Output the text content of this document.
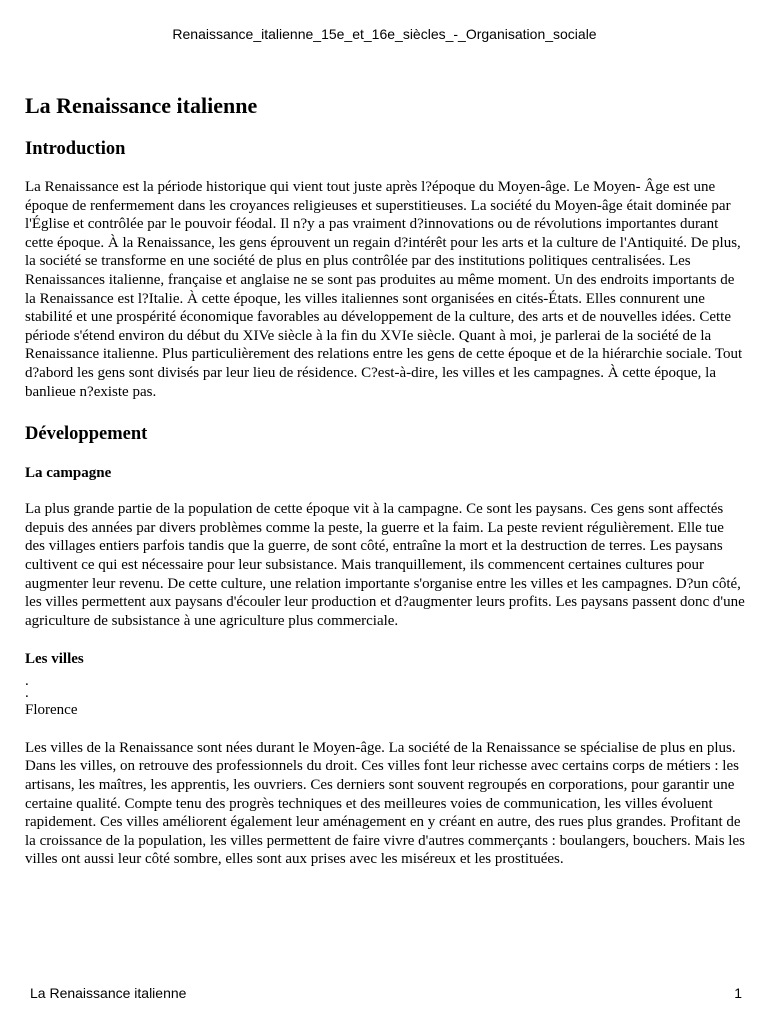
Renaissance_italienne_15e_et_16e_siècles_-_Organisation_sociale
La Renaissance italienne
Introduction

La Renaissance est la période historique qui vient tout juste après l?époque du Moyen-âge. Le Moyen- Âge est une époque de renfermement dans les croyances religieuses et superstitieuses. La société du Moyen-âge était dominée par l'Église et contrôlée par le pouvoir féodal. Il n?y a pas vraiment d?innovations ou de révolutions importantes durant cette époque. À la Renaissance, les gens éprouvent un regain d?intérêt pour les arts et la culture de l'Antiquité. De plus, la société se transforme en une société de plus en plus contrôlée par des institutions politiques centralisées. Les Renaissances italienne, française et anglaise ne se sont pas produites au même moment. Un des endroits importants de la Renaissance est l?Italie. À cette époque, les villes italiennes sont organisées en cités-États. Elles connurent une stabilité et une prospérité économique favorables au développement de la culture, des arts et de nouvelles idées. Cette période s'étend environ du début du XIVe siècle à la fin du XVIe siècle. Quant à moi, je parlerai de la société de la Renaissance italienne. Plus particulièrement des relations entre les gens de cette époque et de la hiérarchie sociale. Tout d?abord les gens sont divisés par leur lieu de résidence. C?est-à-dire, les villes et les campagnes. À cette époque, la banlieue n?existe pas.

Développement
La campagne

La plus grande partie de la population de cette époque vit à la campagne. Ce sont les paysans. Ces gens sont affectés depuis des années par divers problèmes comme la peste, la guerre et la faim. La peste revient régulièrement. Elle tue des villages entiers parfois tandis que la guerre, de sont côté, entraîne la mort et la destruction de terres. Les paysans cultivent ce qui est nécessaire pour leur subsistance. Mais tranquillement, ils commencent certaines cultures pour augmenter leur revenu. De cette culture, une relation importante s'organise entre les villes et les campagnes. D?un côté, les villes permettent aux paysans d'écouler leur production et d?augmenter leurs profits. Les paysans passent donc d'une agriculture de subsistance à une agriculture plus commerciale.

Les villes
.
.

Florence

Les villes de la Renaissance sont nées durant le Moyen-âge. La société de la Renaissance se spécialise de plus en plus. Dans les villes, on retrouve des professionnels du droit. Ces villes font leur richesse avec certains corps de métiers : les artisans, les maîtres, les apprentis, les ouvriers. Ces derniers sont souvent regroupés en corporations, pour garantir une certaine qualité. Compte tenu des progrès techniques et des meilleures voies de communication, les villes évoluent rapidement. Ces villes améliorent également leur aménagement en y créant en autre, des rues plus grandes. Profitant de la croissance de la population, les villes permettent de faire vivre d'autres commerçants : boulangers, bouchers. Mais les villes ont aussi leur côté sombre, elles sont aux prises avec les miséreux et les prostituées.

La Renaissance italienne	1
